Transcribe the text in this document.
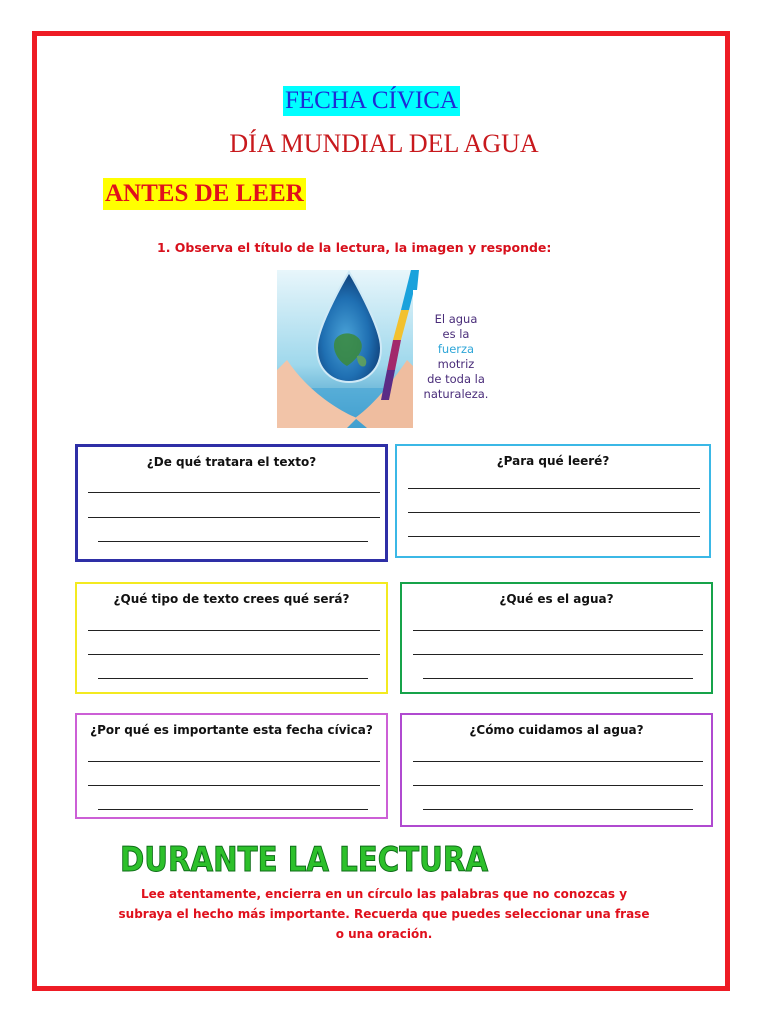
FECHA CÍVICA
DÍA MUNDIAL DEL AGUA
ANTES DE LEER
1. Observa el título de la lectura, la imagen y responde:
El agua
es la fuerza
motriz
de toda la
naturaleza.
¿De qué tratara el texto?	¿Para qué leeré?
¿Qué tipo de texto crees qué será?	¿Qué es el agua?
¿Por qué es importante esta fecha cívica?	¿Cómo cuidamos al agua?
DURANTE LA LECTURA
Lee atentamente, encierra en un círculo las palabras que no conozcas y
subraya el hecho más importante. Recuerda que puedes seleccionar una frase
o una oración.
